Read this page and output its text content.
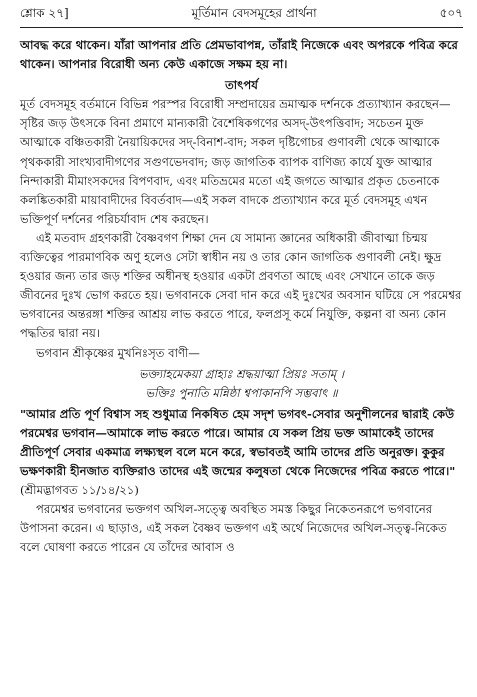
শ্লোক ২৭]	মূর্তিমান বেদসমূহের প্রার্থনা	৫০৭

আবদ্ধ করে থাকেন। যাঁরা আপনার প্রতি প্রেমভাবাপন্ন, তাঁরাই নিজেকে এবং অপরকে পবিত্র করে থাকেন। আপনার বিরোধী অন্য কেউ একাজে সক্ষম হয় না।

তাৎপর্য

মূর্ত বেদসমূহ বর্তমানে বিভিন্ন পরস্পর বিরোধী সম্প্রদায়ের ভ্রমাত্মক দর্শনকে প্রত্যাখ্যান করছেন—সৃষ্টির জড় উৎসকে বিনা প্রমাণে মান্যকারী বৈশেষিকগণের অসদ্-উৎপত্তিবাদ; সচেতন মুক্ত আত্মাকে বঞ্চিতকারী নৈয়ায়িকদের সদ্-বিনাশ-বাদ; সকল দৃষ্টিগোচর গুণাবলী থেকে আত্মাকে পৃথককারী সাংখ্যবাদীগণের সগুণভেদবাদ; জড় জাগতিক ব্যাপক বাণিজ্য কার্যে যুক্ত আত্মার নিন্দাকারী মীমাংসকদের বিপণবাদ, এবং মতিভ্রমের মতো এই জগতে আত্মার প্রকৃত চেতনাকে কলঙ্কিতকারী মায়াবাদীদের বিবর্তবাদ—এই সকল বাদকে প্রত্যাখ্যান করে মূর্ত বেদসমূহ এখন ভক্তিপূর্ণ দর্শনের পরিচর্যাবাদ শেষ করছেন।

এই মতবাদ গ্রহণকারী বৈষ্ণবগণ শিক্ষা দেন যে সামান্য জ্ঞানের অধিকারী জীবাত্মা চিন্ময় ব্যক্তিত্বের পারমাণবিক অণু হলেও সেটা স্বাধীন নয় ও তার কোন জাগতিক গুণাবলী নেই। ক্ষুদ্র হওয়ার জন্য তার জড় শক্তির অধীনস্থ হওয়ার একটা প্রবণতা আছে এবং সেখানে তাকে জড় জীবনের দুঃখ ভোগ করতে হয়। ভগবানকে সেবা দান করে এই দুঃখের অবসান ঘটিয়ে সে পরমেশ্বর ভগবানের অন্তরঙ্গা শক্তির আশ্রয় লাভ করতে পারে, ফলপ্রসূ কর্মে নিযুক্তি, কল্পনা বা অন্য কোন পদ্ধতির দ্বারা নয়।

ভগবান শ্রীকৃষ্ণের মুখনিঃসৃত বাণী—

ভক্ত্যাহমেকয়া গ্রাহ্যঃ শ্রদ্ধয়াত্মা প্রিয়ঃ সতাম্ ।
ভক্তিঃ পুনাতি মন্নিষ্ঠা শ্বপাকানপি সম্ভবাৎ ॥

"আমার প্রতি পূর্ণ বিশ্বাস সহ শুধুমাত্র নিকষিত হেম সদৃশ ভগবৎ-সেবার অনুশীলনের দ্বারাই কেউ পরমেশ্বর ভগবান—আমাকে লাভ করতে পারে। আমার যে সকল প্রিয় ভক্ত আমাকেই তাদের প্রীতিপূর্ণ সেবার একমাত্র লক্ষ্যস্থল বলে মনে করে, স্বভাবতই আমি তাদের প্রতি অনুরক্ত। কুকুর ভক্ষণকারী হীনজাত ব্যক্তিরাও তাদের এই জন্মের কলুষতা থেকে নিজেদের পবিত্র করতে পারে।"

(শ্রীমদ্ভাগবত ১১/১৪/২১)

পরমেশ্বর ভগবানের ভক্তগণ অখিল-সত্ত্বে অবস্থিত সমস্ত কিছুর নিকেতনরূপে ভগবানের উপাসনা করেন। এ ছাড়াও, এই সকল বৈষ্ণব ভক্তগণ এই অর্থে নিজেদের অখিল-সত্ত্ব-নিকেত বলে ঘোষণা করতে পারেন যে তাঁদের আবাস ও
